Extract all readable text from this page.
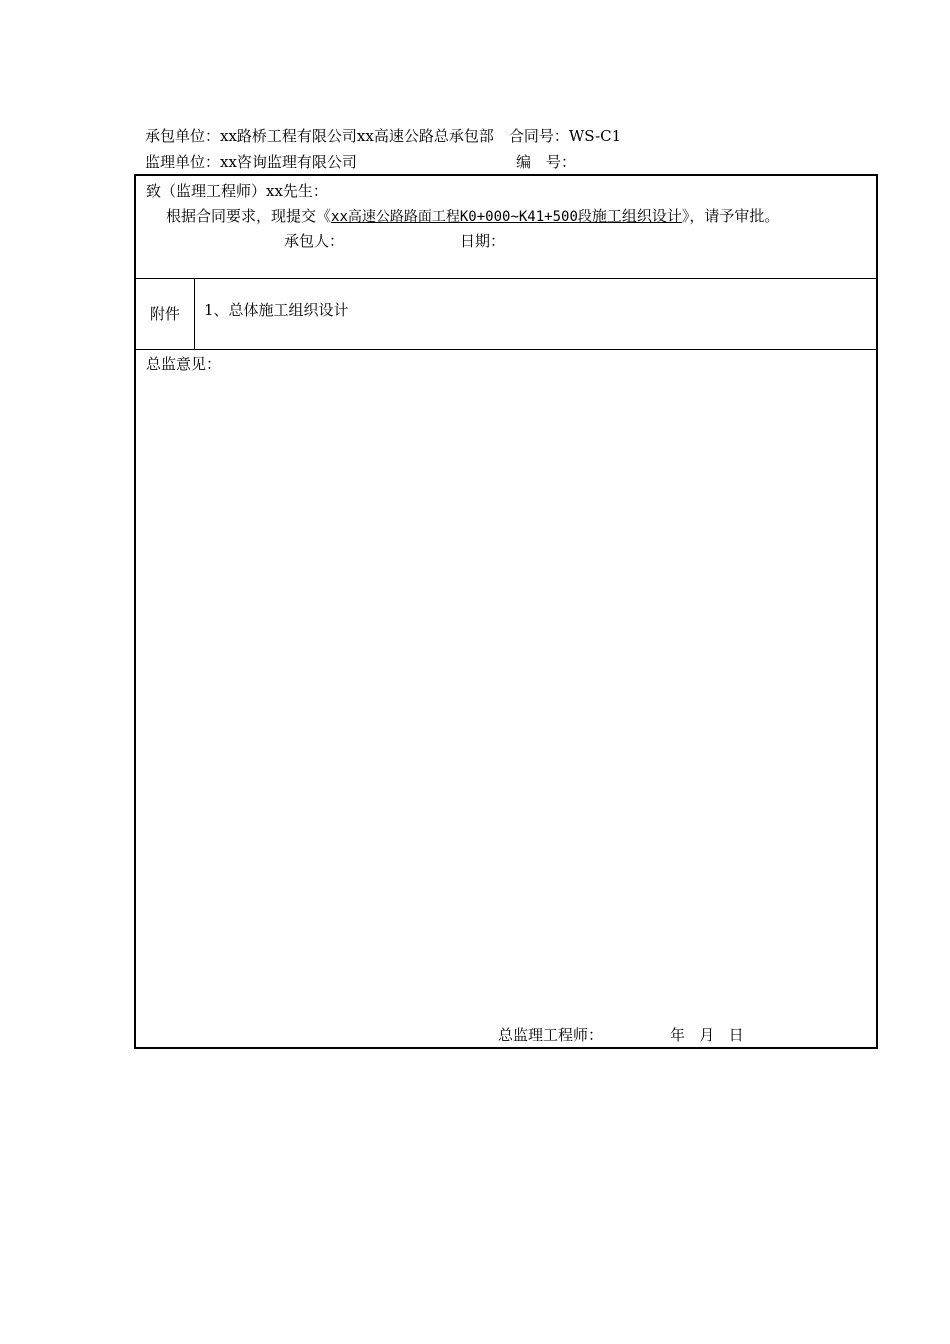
承包单位：xx路桥工程有限公司xx高速公路总承包部　合同号：WS-C1
监理单位：xx咨询监理有限公司	编　号：
致（监理工程师）xx先生：
根据合同要求，现提交《xx高速公路路面工程K0+000~K41+500段施工组织设计》，请予审批。
承包人：	日期：
附件 1、总体施工组织设计
总监意见：
总监理工程师：	年 月 日
